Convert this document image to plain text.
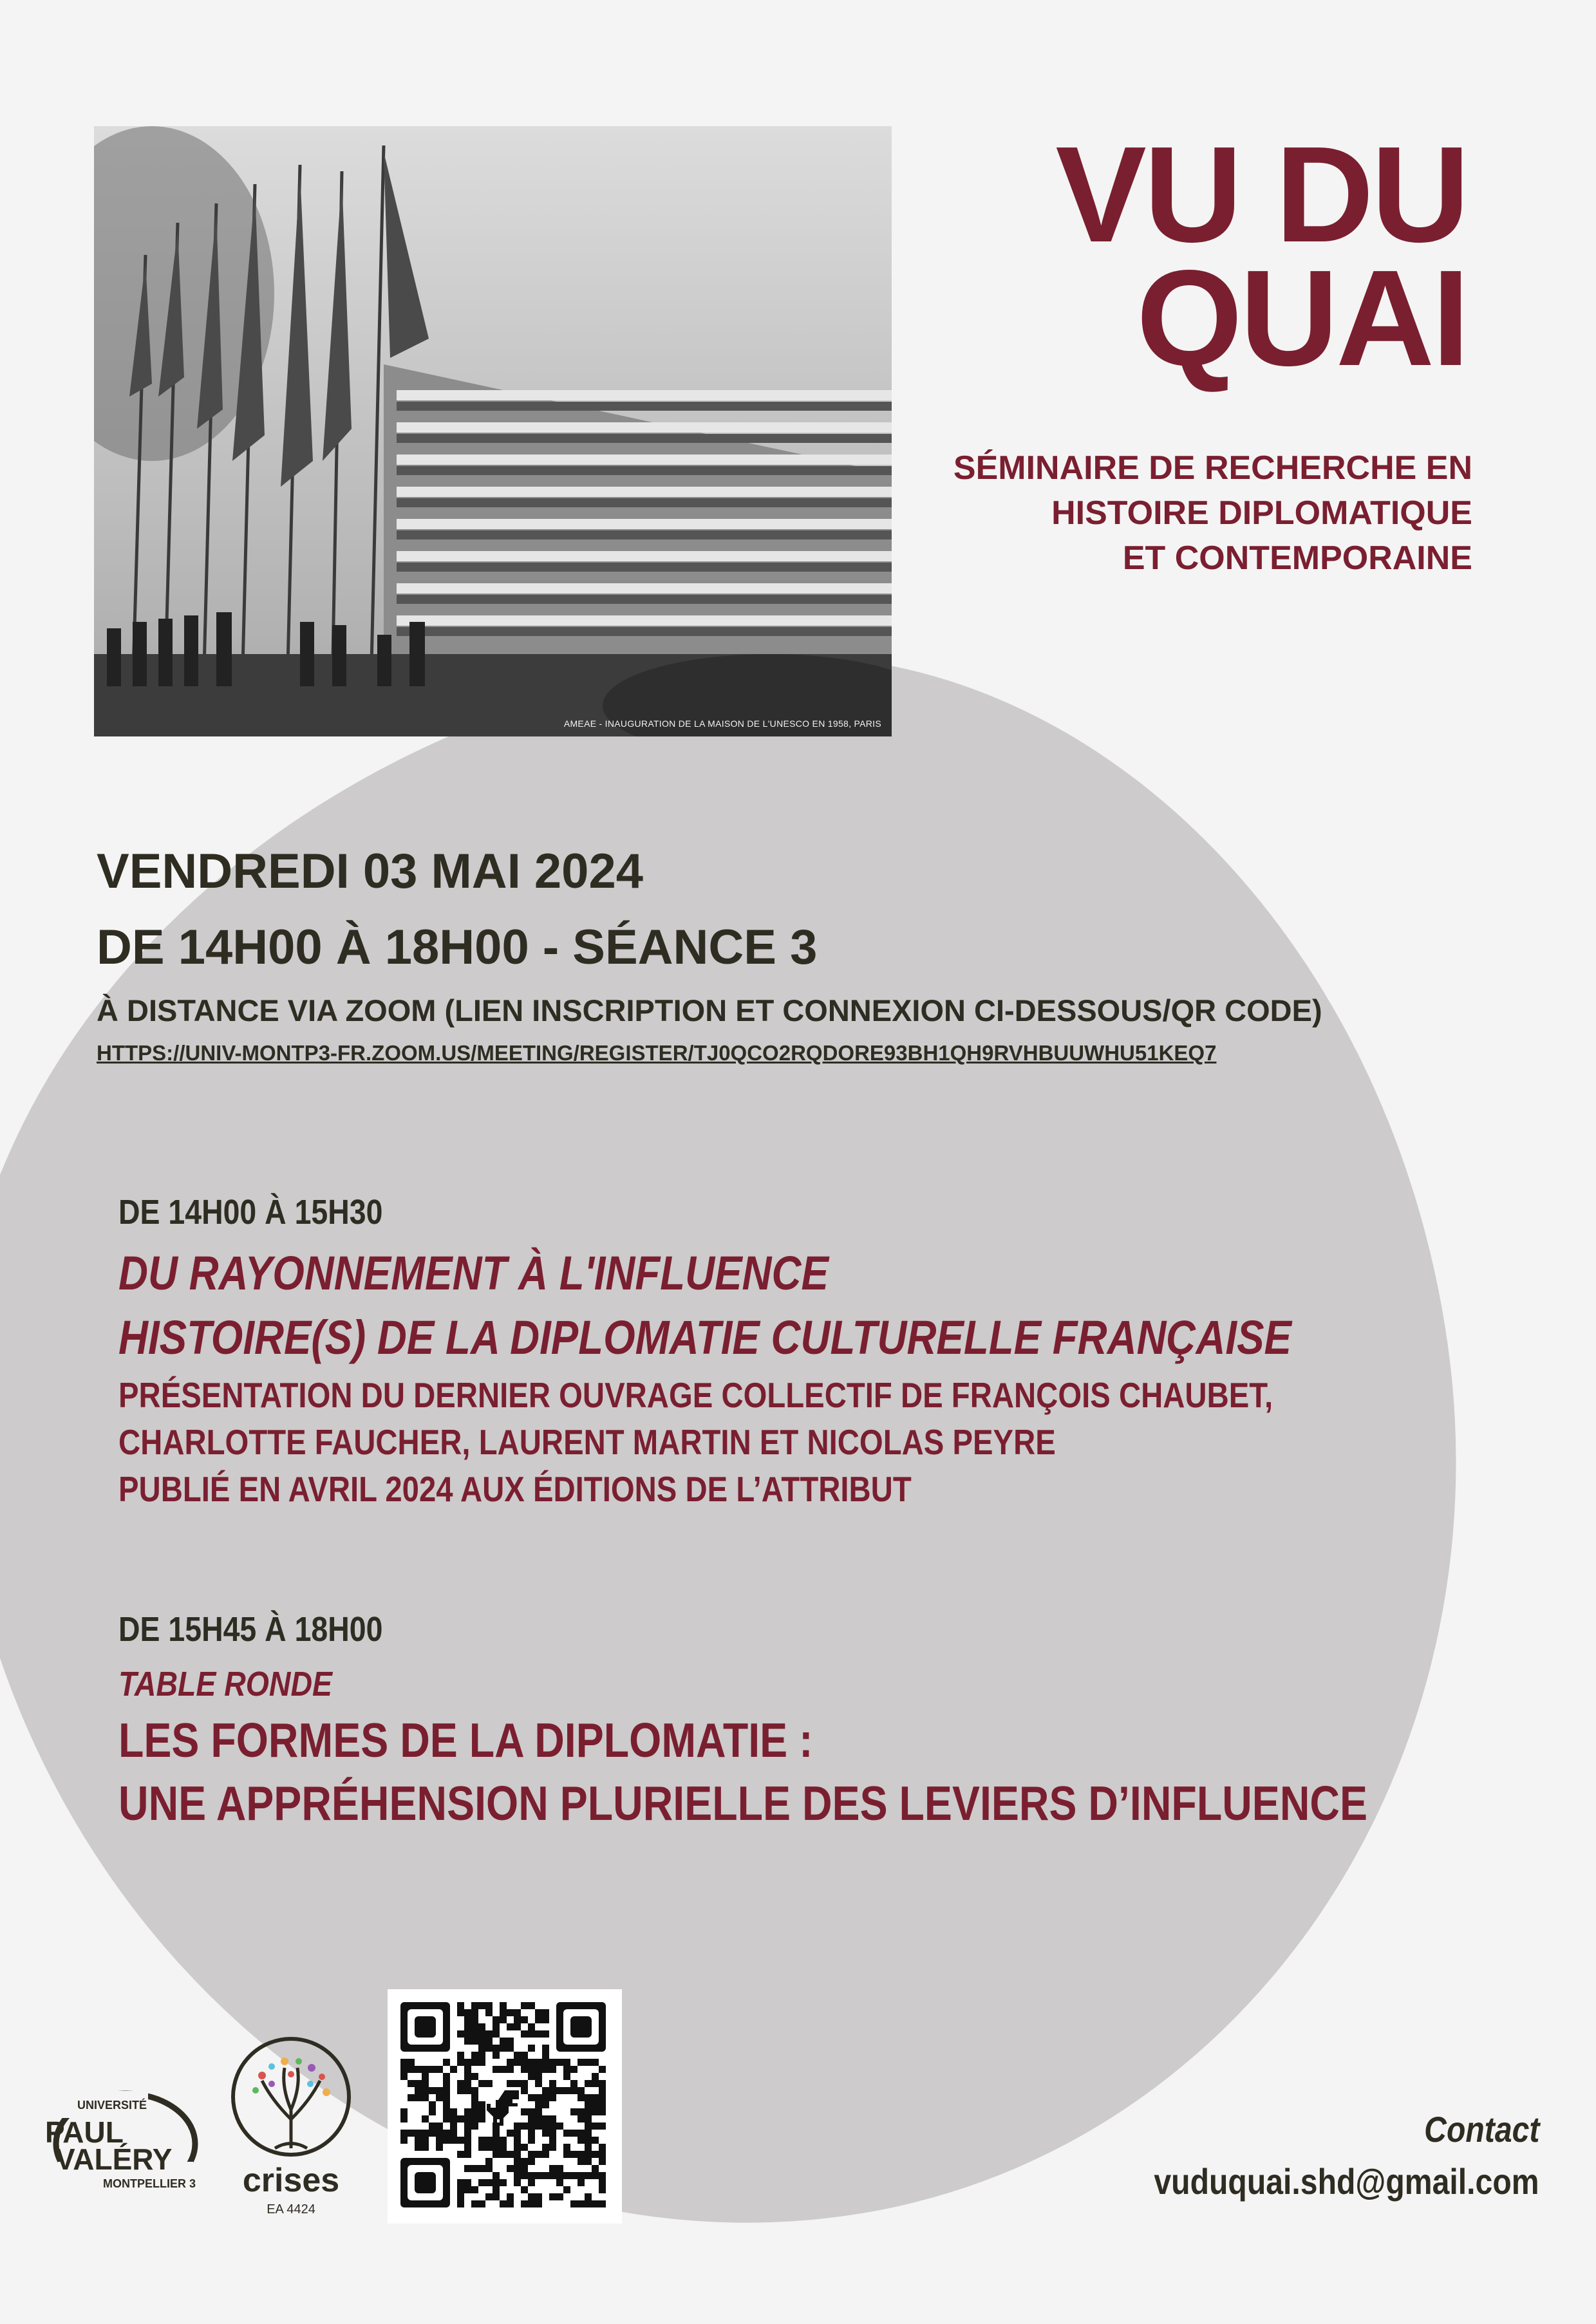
AMEAE - INAUGURATION DE LA MAISON DE L'UNESCO EN 1958, PARIS
VU DU
QUAI
SÉMINAIRE DE RECHERCHE EN
HISTOIRE DIPLOMATIQUE
ET CONTEMPORAINE
VENDREDI 03 MAI 2024
DE 14H00 À 18H00 - SÉANCE 3
À DISTANCE VIA ZOOM (LIEN INSCRIPTION ET CONNEXION CI-DESSOUS/QR CODE)
HTTPS://UNIV-MONTP3-FR.ZOOM.US/MEETING/REGISTER/TJ0QCO2RQDORE93BH1QH9RVHBUUWHU51KEQ7
DE 14H00 À 15H30
DU RAYONNEMENT À L'INFLUENCE
HISTOIRE(S) DE LA DIPLOMATIE CULTURELLE FRANÇAISE
PRÉSENTATION DU DERNIER OUVRAGE COLLECTIF DE FRANÇOIS CHAUBET,
CHARLOTTE FAUCHER, LAURENT MARTIN ET NICOLAS PEYRE
PUBLIÉ EN AVRIL 2024 AUX ÉDITIONS DE L’ATTRIBUT
DE 15H45 À 18H00
TABLE RONDE
LES FORMES DE LA DIPLOMATIE :
UNE APPRÉHENSION PLURIELLE DES LEVIERS D’INFLUENCE
UNIVERSITÉ
PAUL
VALÉRY
MONTPELLIER 3 crises
EA 4424
Contact
vuduquai.shd@gmail.com
